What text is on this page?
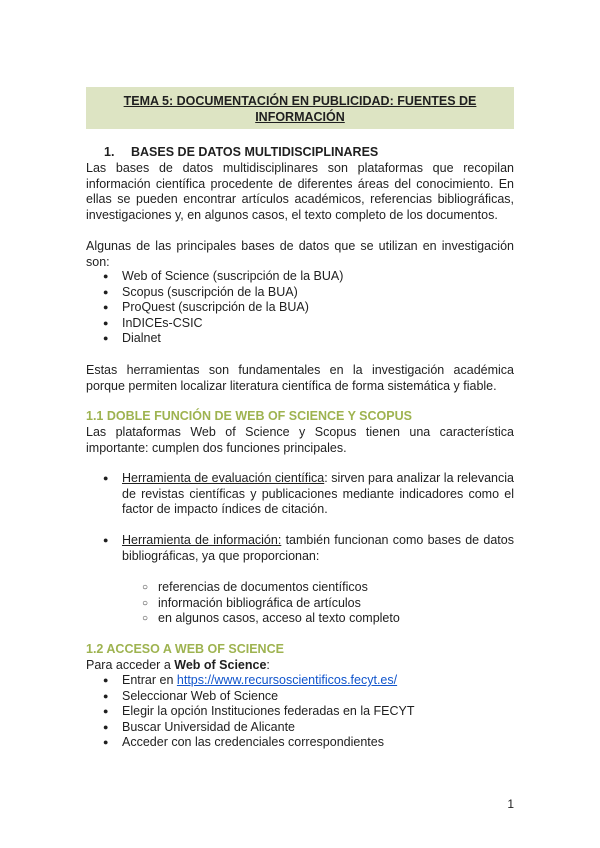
TEMA 5: DOCUMENTACIÓN EN PUBLICIDAD: FUENTES DE INFORMACIÓN
1. BASES DE DATOS MULTIDISCIPLINARES
Las bases de datos multidisciplinares son plataformas que recopilan información científica procedente de diferentes áreas del conocimiento. En ellas se pueden encontrar artículos académicos, referencias bibliográficas, investigaciones y, en algunos casos, el texto completo de los documentos.
Algunas de las principales bases de datos que se utilizan en investigación son:
● Web of Science (suscripción de la BUA)
● Scopus (suscripción de la BUA)
● ProQuest (suscripción de la BUA)
● InDICEs-CSIC
● Dialnet
Estas herramientas son fundamentales en la investigación académica porque permiten localizar literatura científica de forma sistemática y fiable.
1.1 DOBLE FUNCIÓN DE WEB OF SCIENCE Y SCOPUS
Las plataformas Web of Science y Scopus tienen una característica importante: cumplen dos funciones principales.
● Herramienta de evaluación científica: sirven para analizar la relevancia de revistas científicas y publicaciones mediante indicadores como el factor de impacto índices de citación.
● Herramienta de información: también funcionan como bases de datos bibliográficas, ya que proporcionan:
○ referencias de documentos científicos
○ información bibliográfica de artículos
○ en algunos casos, acceso al texto completo
1.2 ACCESO A WEB OF SCIENCE
Para acceder a Web of Science:
● Entrar en https://www.recursoscientificos.fecyt.es/
● Seleccionar Web of Science
● Elegir la opción Instituciones federadas en la FECYT
● Buscar Universidad de Alicante
● Acceder con las credenciales correspondientes
1
